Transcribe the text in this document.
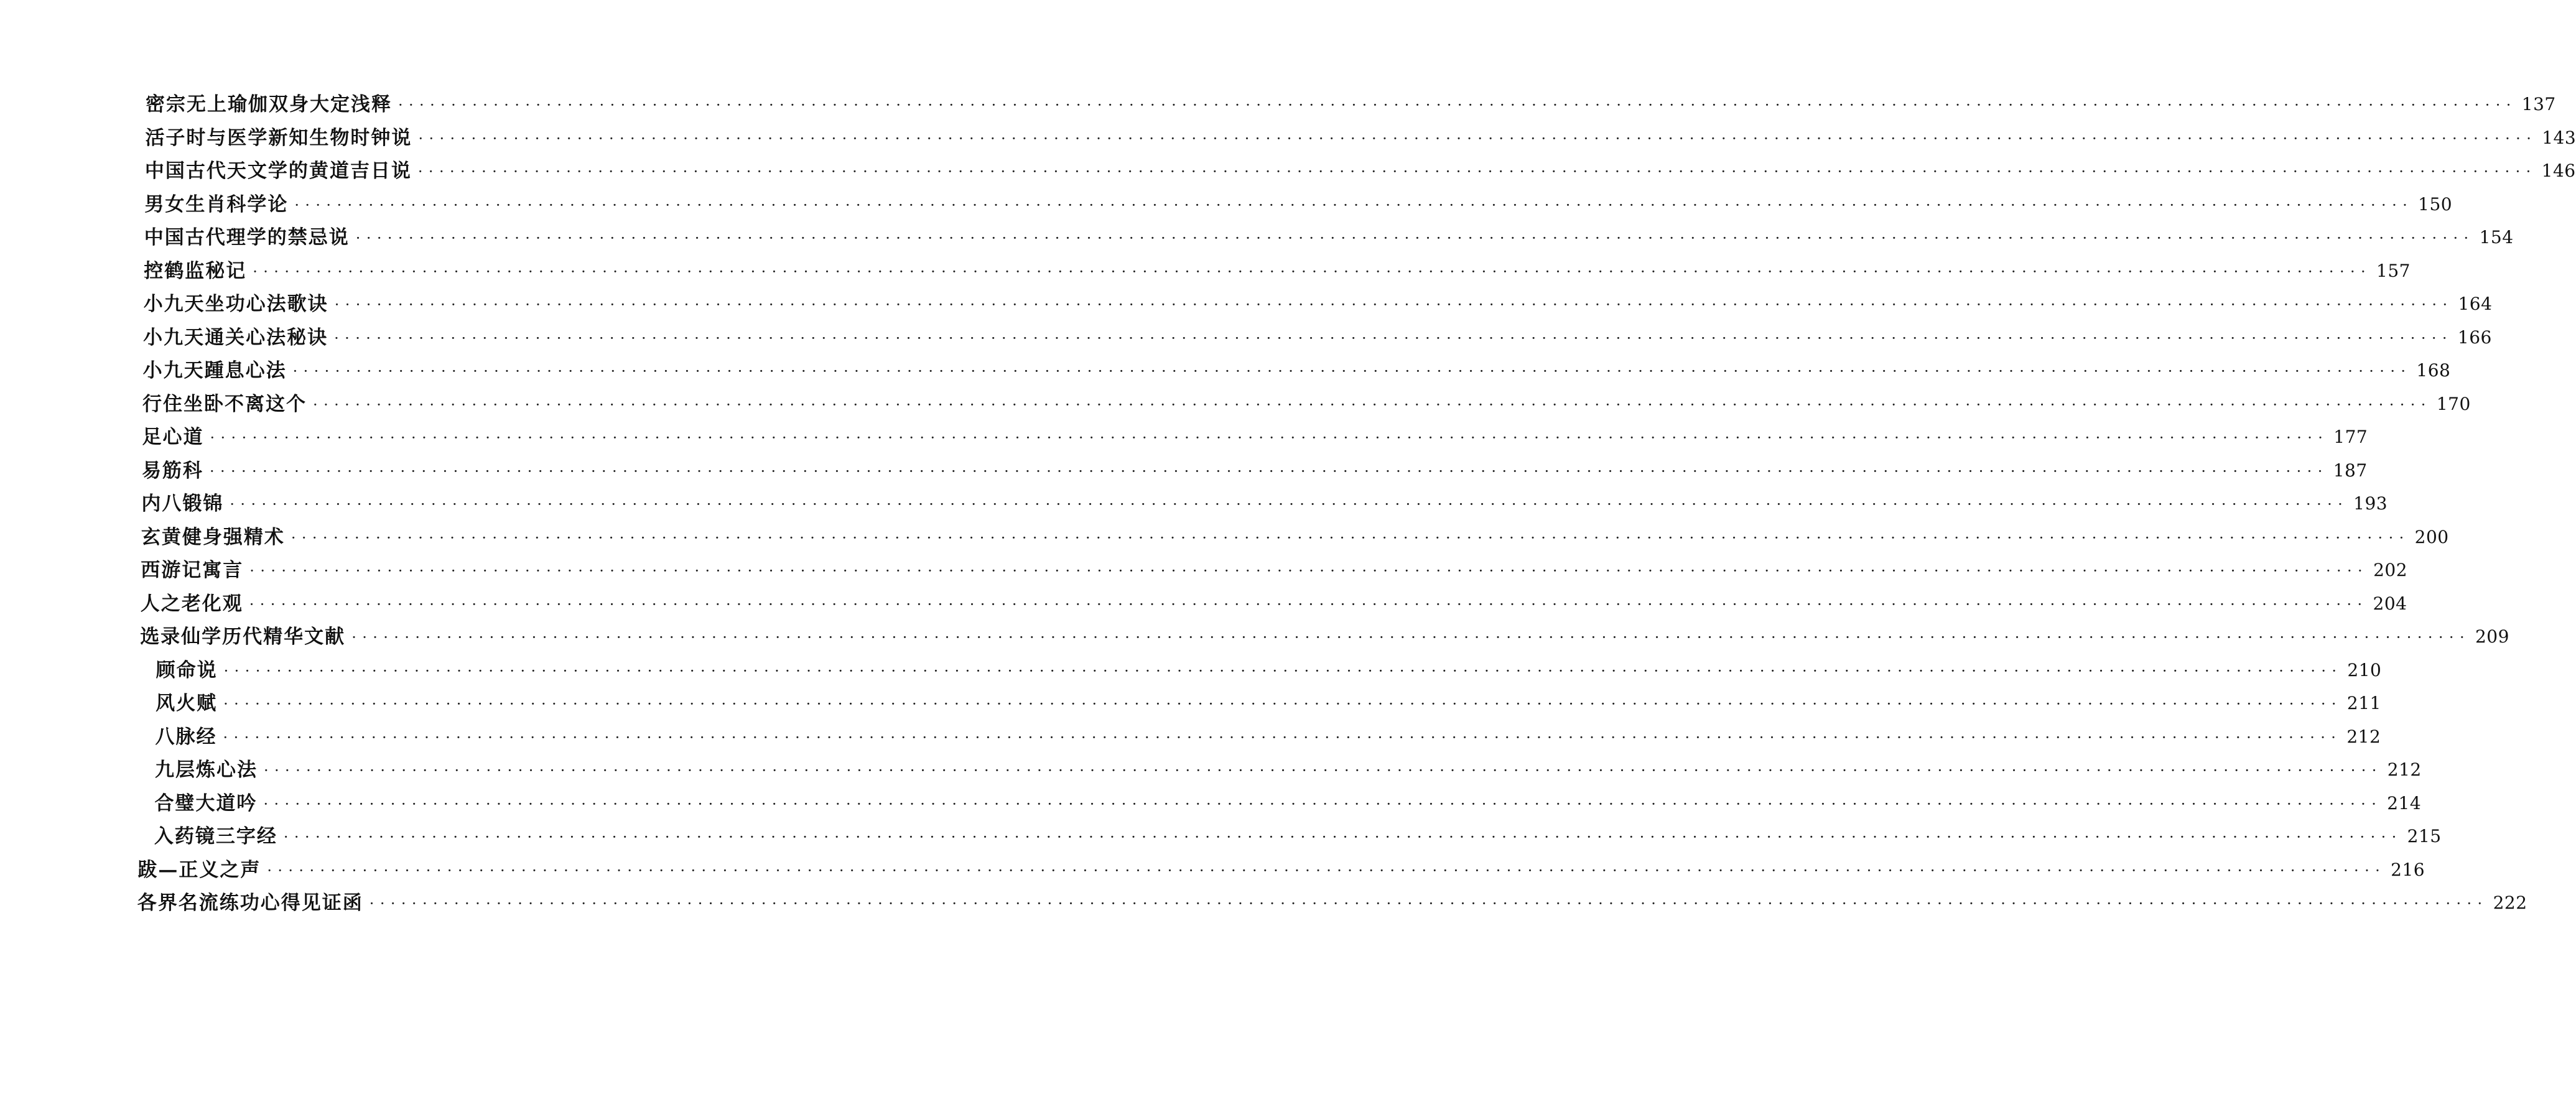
密宗无上瑜伽双身大定浅释 ········································································································································································································ 137
活子时与医学新知生物时钟说 ········································································································································································································ 143
中国古代天文学的黄道吉日说 ········································································································································································································ 146
男女生肖科学论 ········································································································································································································ 150
中国古代理学的禁忌说 ········································································································································································································ 154
控鹤监秘记 ········································································································································································································ 157
小九天坐功心法歌诀 ········································································································································································································ 164
小九天通关心法秘诀 ········································································································································································································ 166
小九天踵息心法 ········································································································································································································ 168
行住坐卧不离这个 ········································································································································································································ 170
足心道 ········································································································································································································ 177
易筋科 ········································································································································································································ 187
内八锻锦 ········································································································································································································ 193
玄黄健身强精术 ········································································································································································································ 200
西游记寓言 ········································································································································································································ 202
人之老化观 ········································································································································································································ 204
选录仙学历代精华文献 ········································································································································································································ 209
顾命说 ········································································································································································································ 210
风火赋 ········································································································································································································ 211
八脉经 ········································································································································································································ 212
九层炼心法 ········································································································································································································ 212
合璧大道吟 ········································································································································································································ 214
入药镜三字经 ········································································································································································································ 215
跋—正义之声 ········································································································································································································ 216
各界名流练功心得见证函 ········································································································································································································ 222
